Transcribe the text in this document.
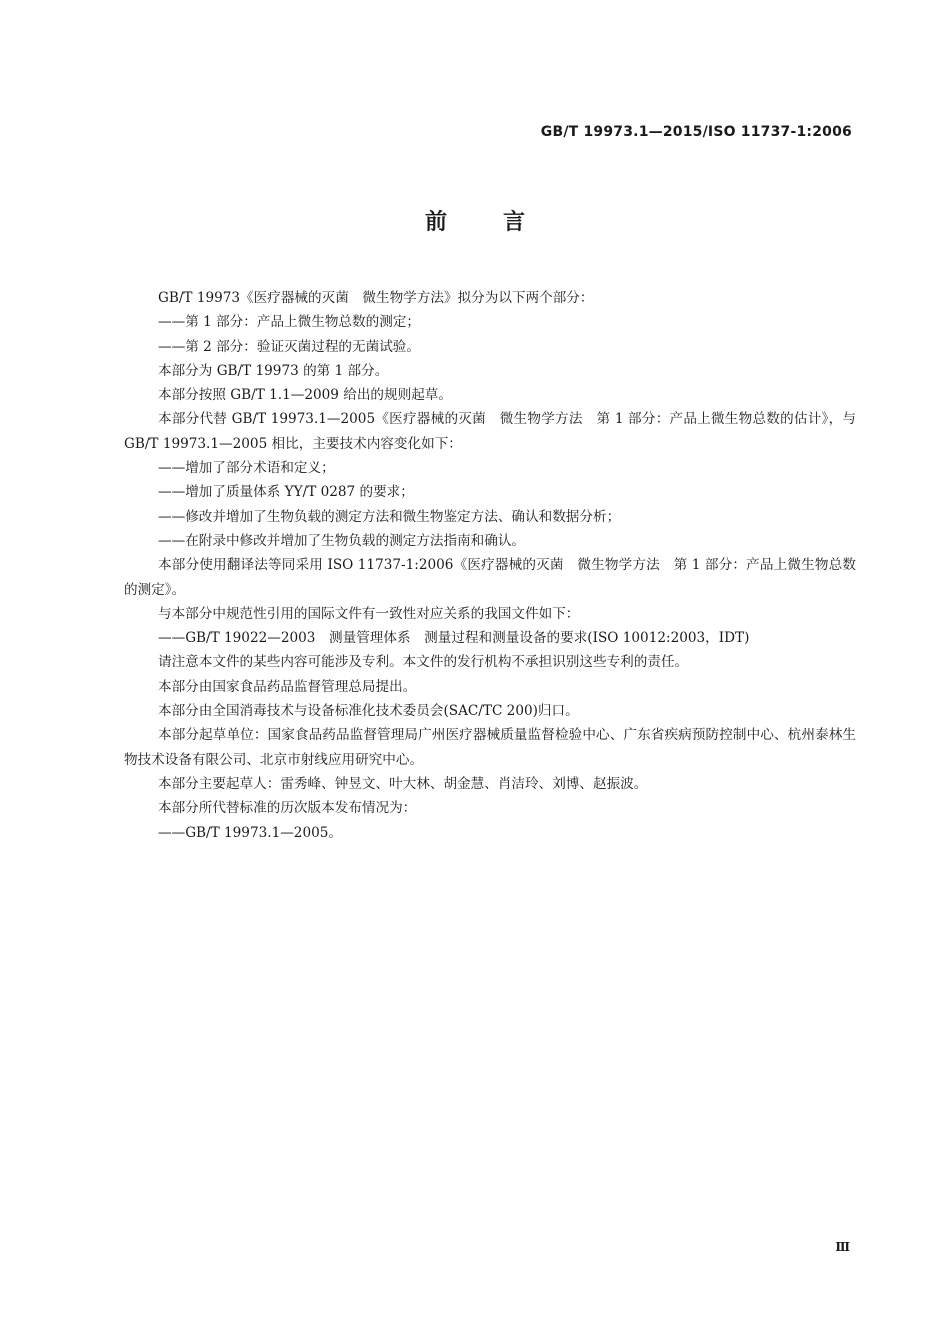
GB/T 19973.1—2015/ISO 11737-1:2006
前言

GB/T 19973《医疗器械的灭菌　微生物学方法》拟分为以下两个部分：

——第 1 部分：产品上微生物总数的测定；

——第 2 部分：验证灭菌过程的无菌试验。

本部分为 GB/T 19973 的第 1 部分。

本部分按照 GB/T 1.1—2009 给出的规则起草。

本部分代替 GB/T 19973.1—2005《医疗器械的灭菌　微生物学方法　第 1 部分：产品上微生物总数的估计》，与 GB/T 19973.1—2005 相比，主要技术内容变化如下：

——增加了部分术语和定义；

——增加了质量体系 YY/T 0287 的要求；

——修改并增加了生物负载的测定方法和微生物鉴定方法、确认和数据分析；

——在附录中修改并增加了生物负载的测定方法指南和确认。

本部分使用翻译法等同采用 ISO 11737-1:2006《医疗器械的灭菌　微生物学方法　第 1 部分：产品上微生物总数的测定》。

与本部分中规范性引用的国际文件有一致性对应关系的我国文件如下：

——GB/T 19022—2003　测量管理体系　测量过程和测量设备的要求(ISO 10012:2003，IDT)

请注意本文件的某些内容可能涉及专利。本文件的发行机构不承担识别这些专利的责任。

本部分由国家食品药品监督管理总局提出。

本部分由全国消毒技术与设备标准化技术委员会(SAC/TC 200)归口。

本部分起草单位：国家食品药品监督管理局广州医疗器械质量监督检验中心、广东省疾病预防控制中心、杭州泰林生物技术设备有限公司、北京市射线应用研究中心。

本部分主要起草人：雷秀峰、钟昱文、叶大林、胡金慧、肖洁玲、刘博、赵振波。

本部分所代替标准的历次版本发布情况为：

——GB/T 19973.1—2005。

Ⅲ
